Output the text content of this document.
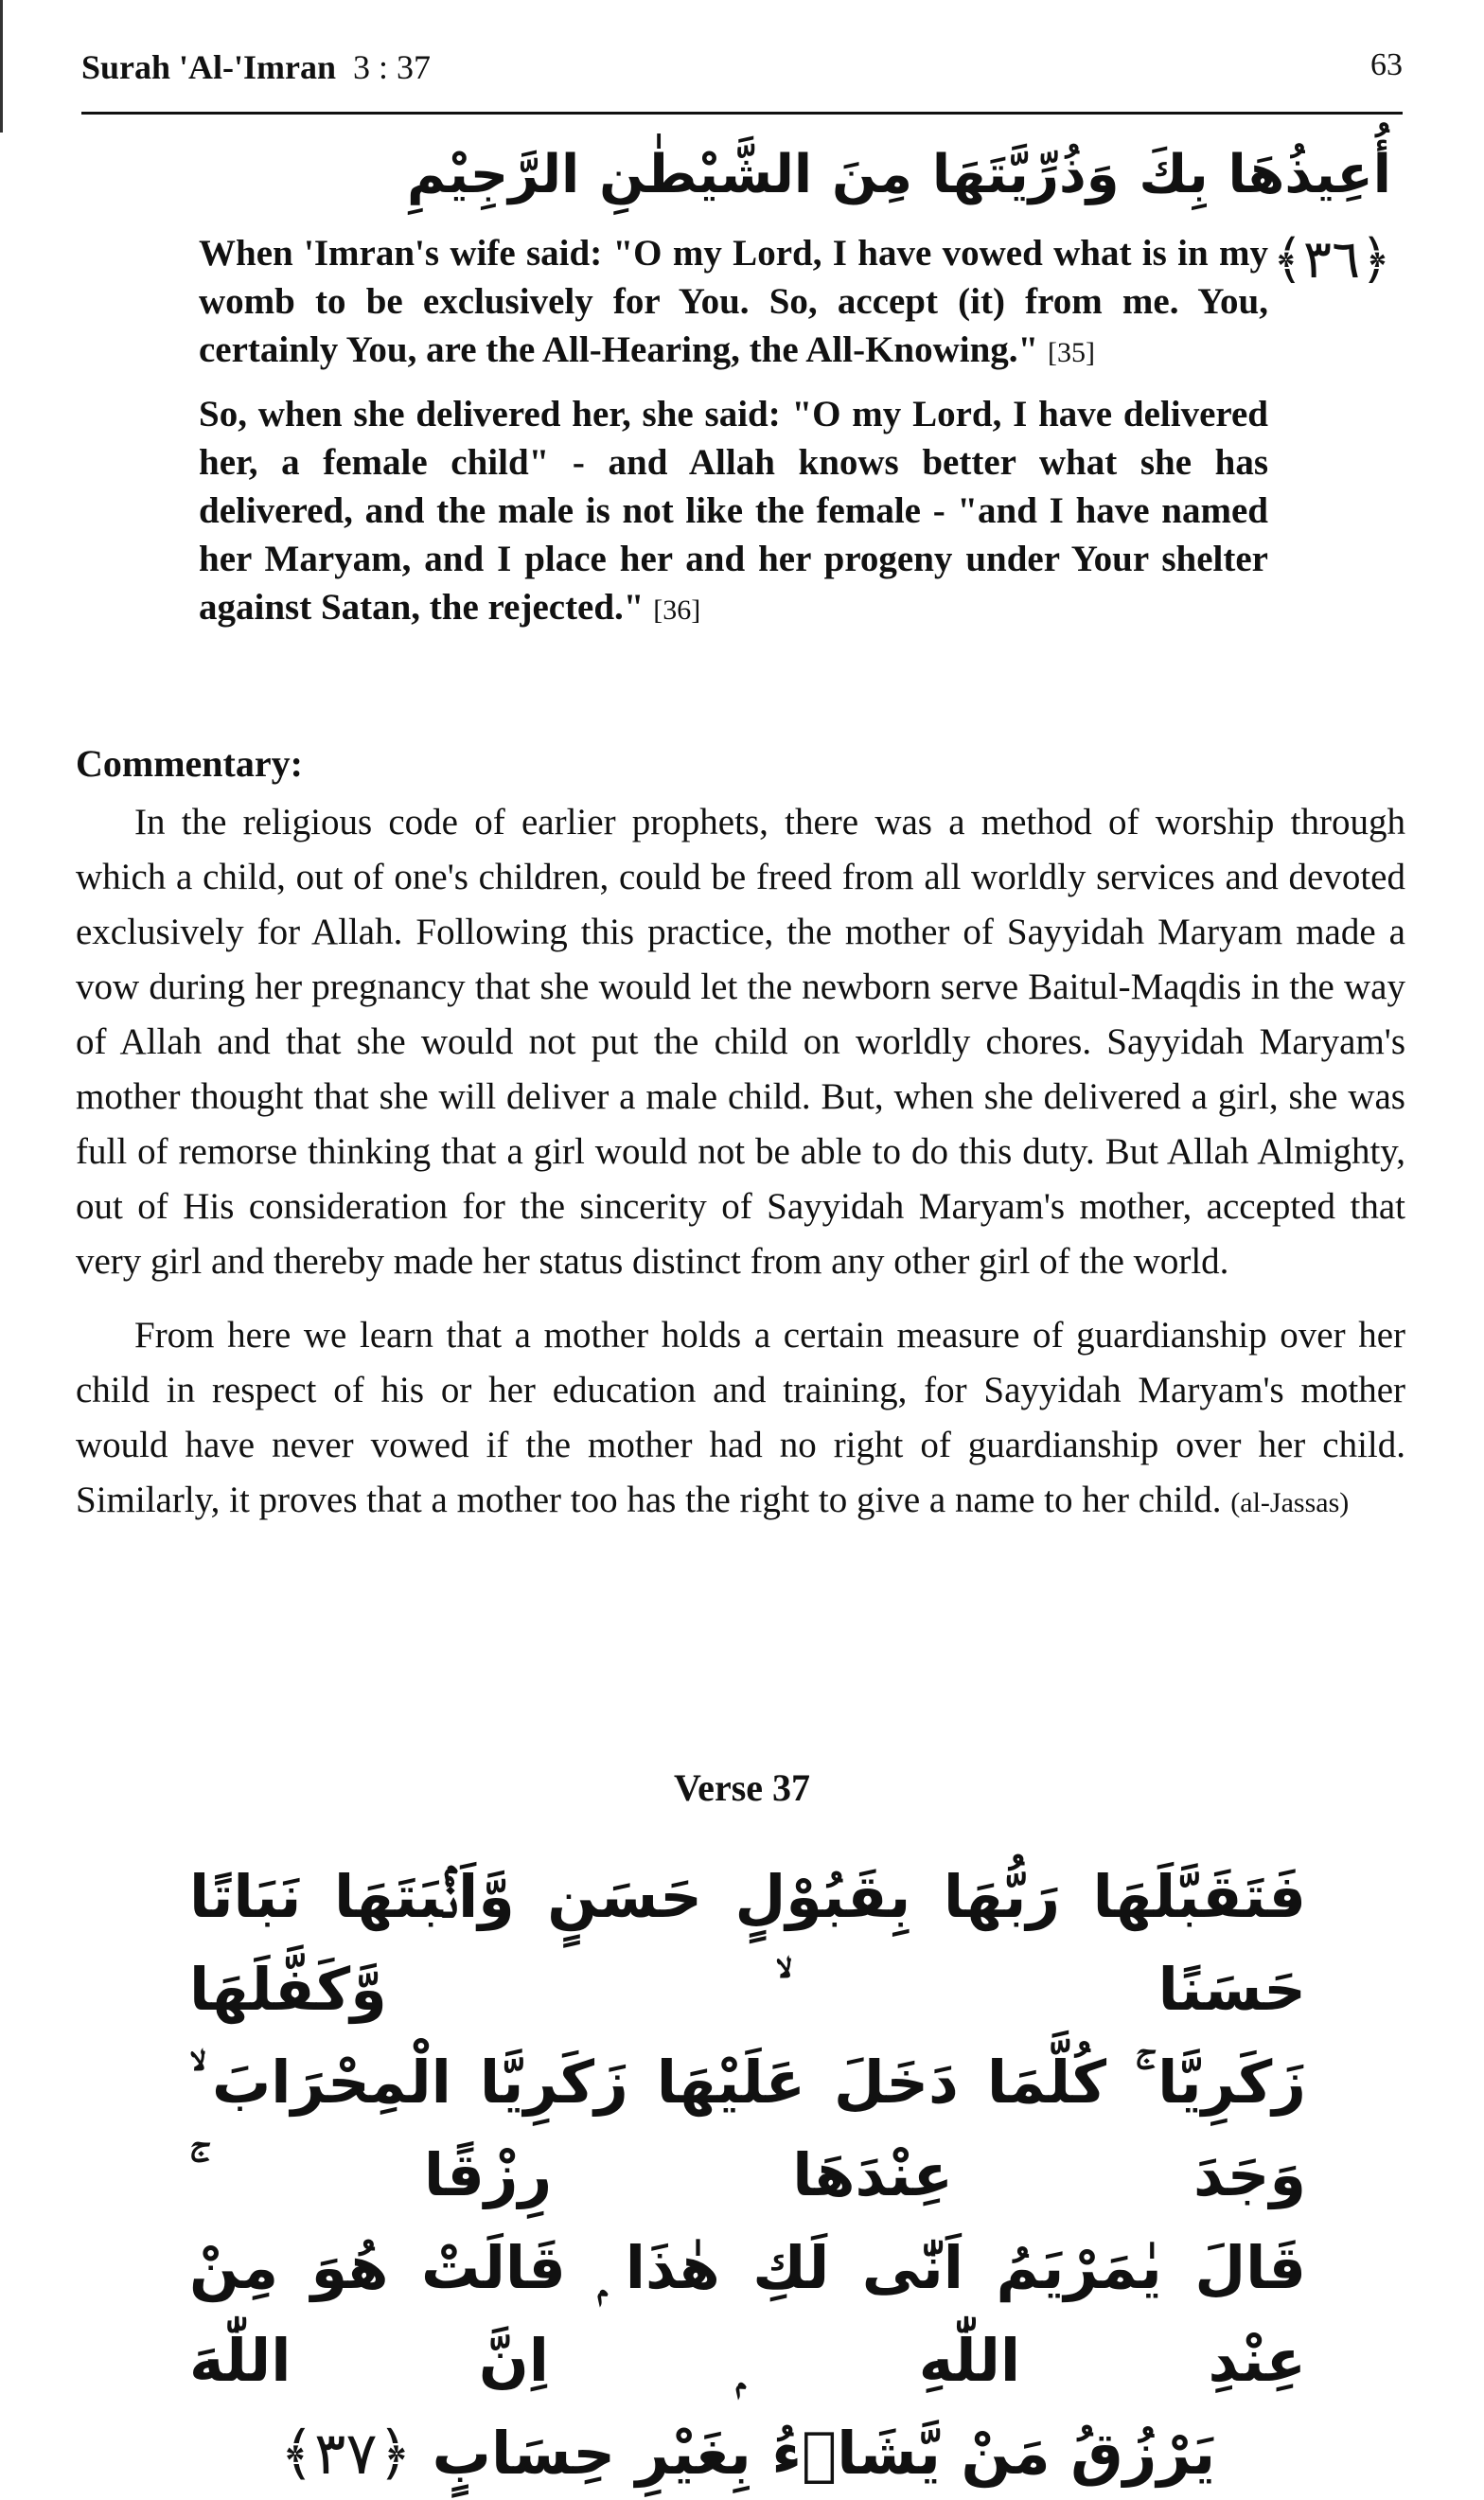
Surah 'Al-'Imran 3 : 37	63
أُعِيذُهَا بِكَ وَذُرِّيَّتَهَا مِنَ الشَّيْطٰنِ الرَّجِيْمِ ﴿٣٦﴾

When 'Imran's wife said: "O my Lord, I have vowed what is in my womb to be exclusively for You. So, accept (it) from me. You, certainly You, are the All-Hearing, the All-Knowing." [35]

So, when she delivered her, she said: "O my Lord, I have delivered her, a female child" - and Allah knows better what she has delivered, and the male is not like the female - "and I have named her Maryam, and I place her and her progeny under Your shelter against Satan, the rejected." [36]

Commentary:

In the religious code of earlier prophets, there was a method of worship through which a child, out of one's children, could be freed from all worldly services and devoted exclusively for Allah. Following this practice, the mother of Sayyidah Maryam made a vow during her pregnancy that she would let the newborn serve Baitul-Maqdis in the way of Allah and that she would not put the child on worldly chores. Sayyidah Maryam's mother thought that she will deliver a male child. But, when she delivered a girl, she was full of remorse thinking that a girl would not be able to do this duty. But Allah Almighty, out of His consideration for the sincerity of Sayyidah Maryam's mother, accepted that very girl and thereby made her status distinct from any other girl of the world.

From here we learn that a mother holds a certain measure of guardianship over her child in respect of his or her education and training, for Sayyidah Maryam's mother would have never vowed if the mother had no right of guardianship over her child. Similarly, it proves that a mother too has the right to give a name to her child. (al-Jassas)

Verse 37
فَتَقَبَّلَهَا رَبُّهَا بِقَبُوْلٍ حَسَنٍ وَّاَنْۢبَتَهَا نَبَاتًا حَسَنًا ۙ وَّكَفَّلَهَا
زَكَرِيَّا ۚ كُلَّمَا دَخَلَ عَلَيْهَا زَكَرِيَّا الْمِحْرَابَ ۙ وَجَدَ عِنْدَهَا رِزْقًا ۚ
قَالَ يٰمَرْيَمُ اَنّٰى لَكِ هٰذَا ۭ قَالَتْ هُوَ مِنْ عِنْدِ اللّٰهِ ۭ اِنَّ اللّٰهَ
يَرْزُقُ مَنْ يَّشَاۗءُ بِغَيْرِ حِسَابٍ ﴿٣٧﴾
